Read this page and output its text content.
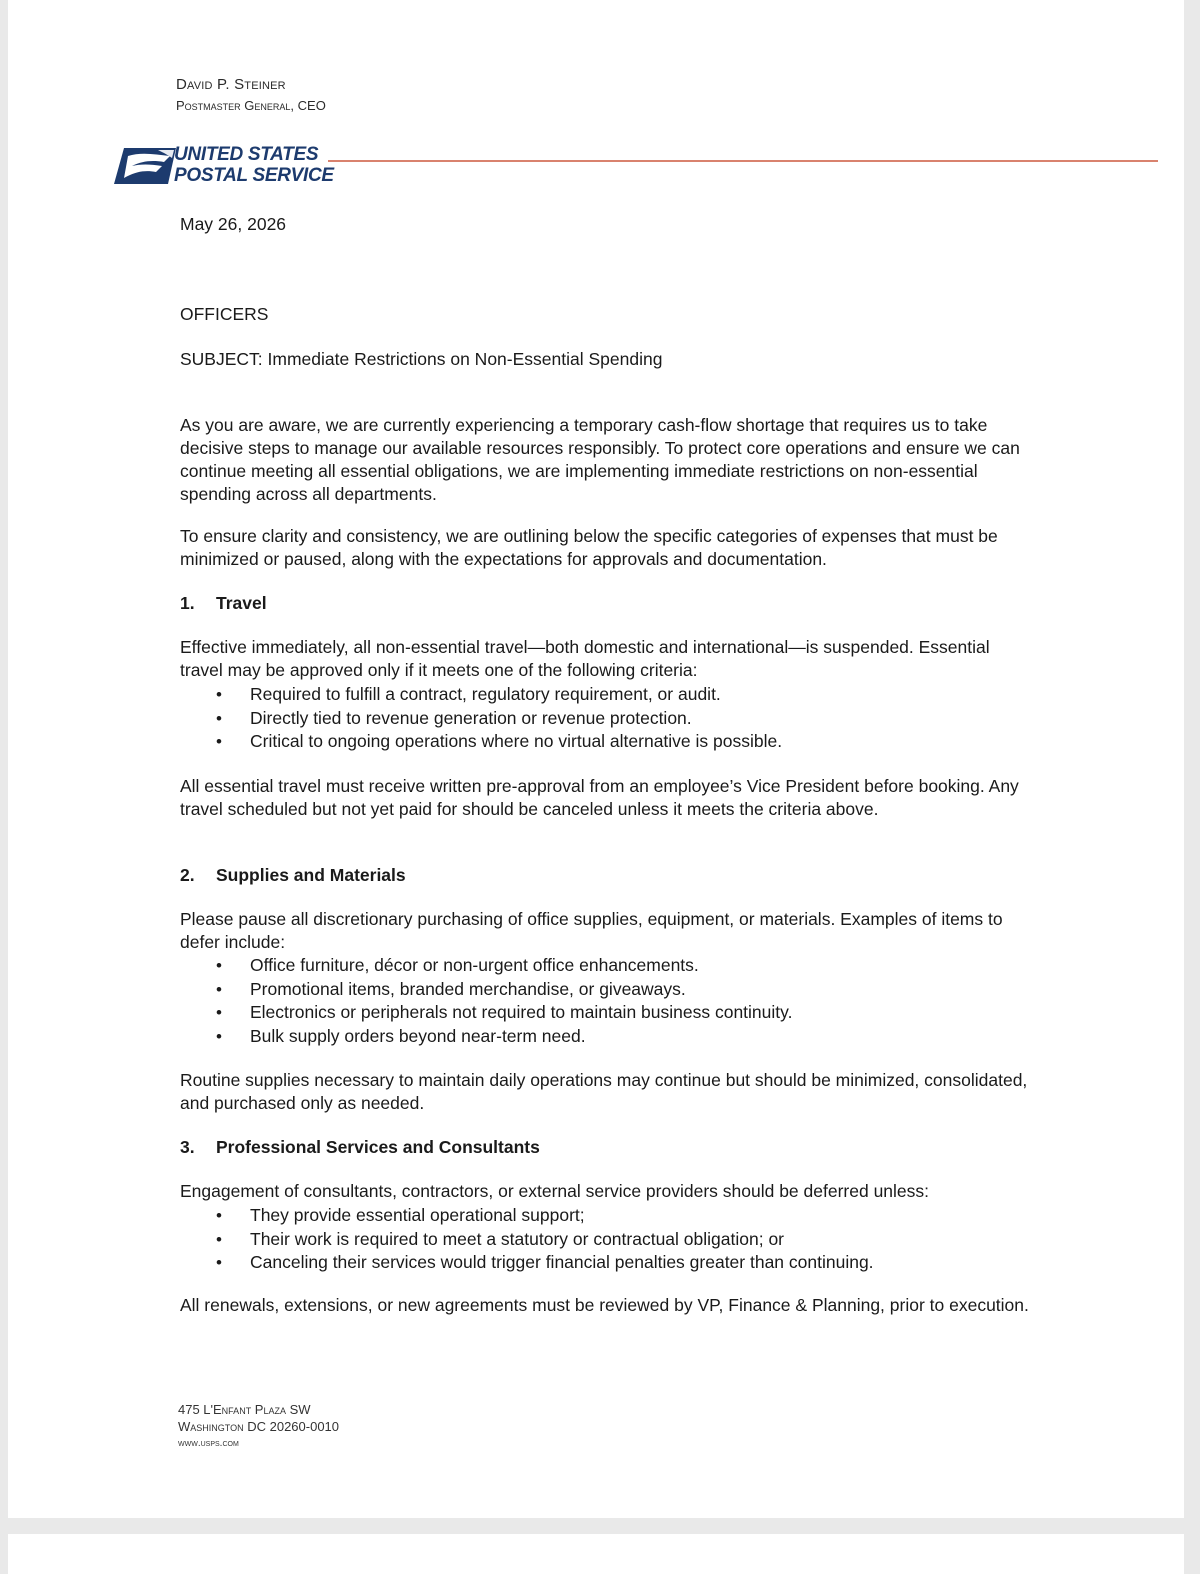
David P. Steiner
Postmaster General, CEO
UNITED STATES
POSTAL SERVICE
May 26, 2026
OFFICERS
SUBJECT: Immediate Restrictions on Non-Essential Spending
As you are aware, we are currently experiencing a temporary cash-flow shortage that requires us to take decisive steps to manage our available resources responsibly. To protect core operations and ensure we can continue meeting all essential obligations, we are implementing immediate restrictions on non-essential spending across all departments.
To ensure clarity and consistency, we are outlining below the specific categories of expenses that must be minimized or paused, along with the expectations for approvals and documentation.
1. Travel
Effective immediately, all non-essential travel—both domestic and international—is suspended. Essential travel may be approved only if it meets one of the following criteria:
• Required to fulfill a contract, regulatory requirement, or audit.
• Directly tied to revenue generation or revenue protection.
• Critical to ongoing operations where no virtual alternative is possible.
All essential travel must receive written pre-approval from an employee’s Vice President before booking. Any travel scheduled but not yet paid for should be canceled unless it meets the criteria above.
2. Supplies and Materials
Please pause all discretionary purchasing of office supplies, equipment, or materials. Examples of items to defer include:
• Office furniture, décor or non-urgent office enhancements.
• Promotional items, branded merchandise, or giveaways.
• Electronics or peripherals not required to maintain business continuity.
• Bulk supply orders beyond near-term need.
Routine supplies necessary to maintain daily operations may continue but should be minimized, consolidated, and purchased only as needed.
3. Professional Services and Consultants
Engagement of consultants, contractors, or external service providers should be deferred unless:
• They provide essential operational support;
• Their work is required to meet a statutory or contractual obligation; or
• Canceling their services would trigger financial penalties greater than continuing.
All renewals, extensions, or new agreements must be reviewed by VP, Finance & Planning, prior to execution.
475 L'Enfant Plaza SW
Washington DC 20260-0010
www.usps.com
